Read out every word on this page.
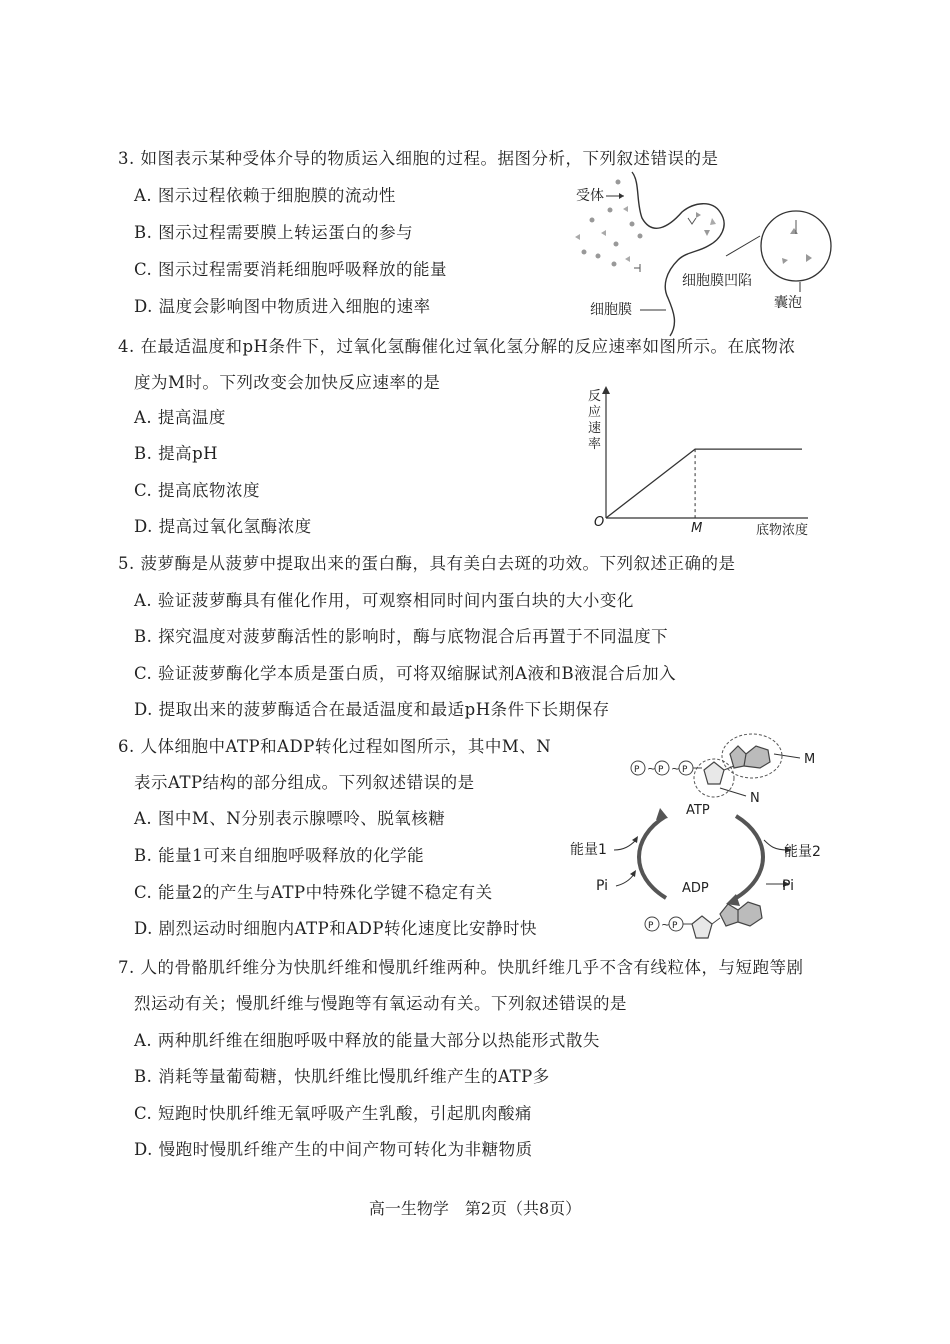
3. 如图表示某种受体介导的物质运入细胞的过程。据图分析，下列叙述错误的是
A. 图示过程依赖于细胞膜的流动性
B. 图示过程需要膜上转运蛋白的参与
C. 图示过程需要消耗细胞呼吸释放的能量
D. 温度会影响图中物质进入细胞的速率
受体
细胞膜凹陷
囊泡
细胞膜
4. 在最适温度和pH条件下，过氧化氢酶催化过氧化氢分解的反应速率如图所示。在底物浓
度为M时。下列改变会加快反应速率的是
A. 提高温度
B. 提高pH
C. 提高底物浓度
D. 提高过氧化氢酶浓度
反
应
速
率
O
底物浓度
M
5. 菠萝酶是从菠萝中提取出来的蛋白酶，具有美白去斑的功效。下列叙述正确的是
A. 验证菠萝酶具有催化作用，可观察相同时间内蛋白块的大小变化
B. 探究温度对菠萝酶活性的影响时，酶与底物混合后再置于不同温度下
C. 验证菠萝酶化学本质是蛋白质，可将双缩脲试剂A液和B液混合后加入
D. 提取出来的菠萝酶适合在最适温度和最适pH条件下长期保存
6. 人体细胞中ATP和ADP转化过程如图所示，其中M、N
表示ATP结构的部分组成。下列叙述错误的是
A. 图中M、N分别表示腺嘌呤、脱氧核糖
B. 能量1可来自细胞呼吸释放的化学能
C. 能量2的产生与ATP中特殊化学键不稳定有关
D. 剧烈运动时细胞内ATP和ADP转化速度比安静时快
P ~ P ~ P
M
N
ATP
能量1
Pi
能量2
Pi
ADP
P ~ P
7. 人的骨骼肌纤维分为快肌纤维和慢肌纤维两种。快肌纤维几乎不含有线粒体，与短跑等剧
烈运动有关；慢肌纤维与慢跑等有氧运动有关。下列叙述错误的是
A. 两种肌纤维在细胞呼吸中释放的能量大部分以热能形式散失
B. 消耗等量葡萄糖，快肌纤维比慢肌纤维产生的ATP多
C. 短跑时快肌纤维无氧呼吸产生乳酸，引起肌肉酸痛
D. 慢跑时慢肌纤维产生的中间产物可转化为非糖物质
高一生物学　第2页（共8页）
